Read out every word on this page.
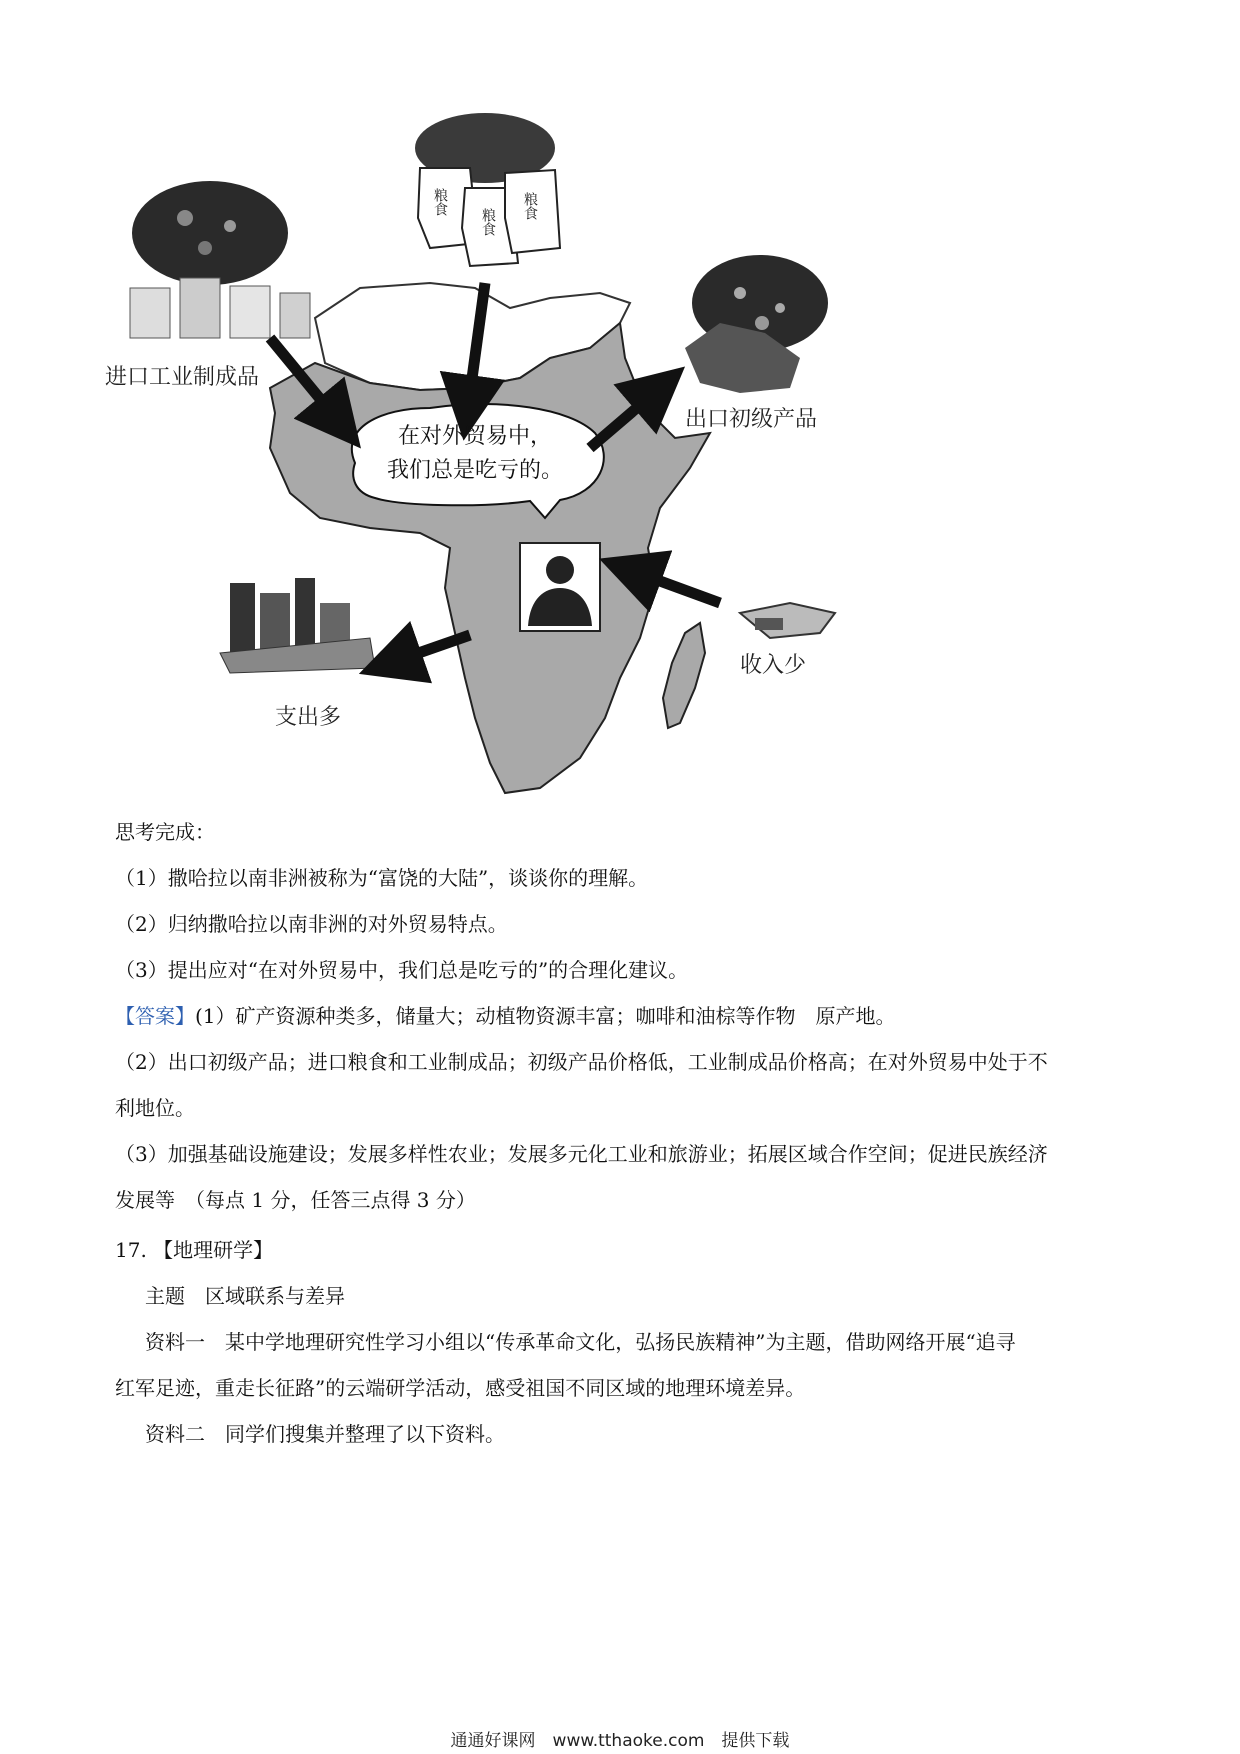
进口工业制成品
出口初级产品
支出多
收入少
粮食
粮食
粮食
在对外贸易中，
我们总是吃亏的。
思考完成：
（1）撒哈拉以南非洲被称为“富饶的大陆”，谈谈你的理解。
（2）归纳撒哈拉以南非洲的对外贸易特点。
（3）提出应对“在对外贸易中，我们总是吃亏的”的合理化建议。
【答案】(1）矿产资源种类多，储量大；动植物资源丰富；咖啡和油棕等作物　原产地。
（2）出口初级产品；进口粮食和工业制成品；初级产品价格低，工业制成品价格高；在对外贸易中处于不
利地位。
（3）加强基础设施建设；发展多样性农业；发展多元化工业和旅游业；拓展区域合作空间；促进民族经济
发展等　（每点 1 分，任答三点得 3 分）
17. 【地理研学】
主题　区域联系与差异
资料一　某中学地理研究性学习小组以“传承革命文化，弘扬民族精神”为主题，借助网络开展“追寻
红军足迹，重走长征路”的云端研学活动，感受祖国不同区域的地理环境差异。
资料二　同学们搜集并整理了以下资料。
通通好课网　www.tthaoke.com　提供下载
